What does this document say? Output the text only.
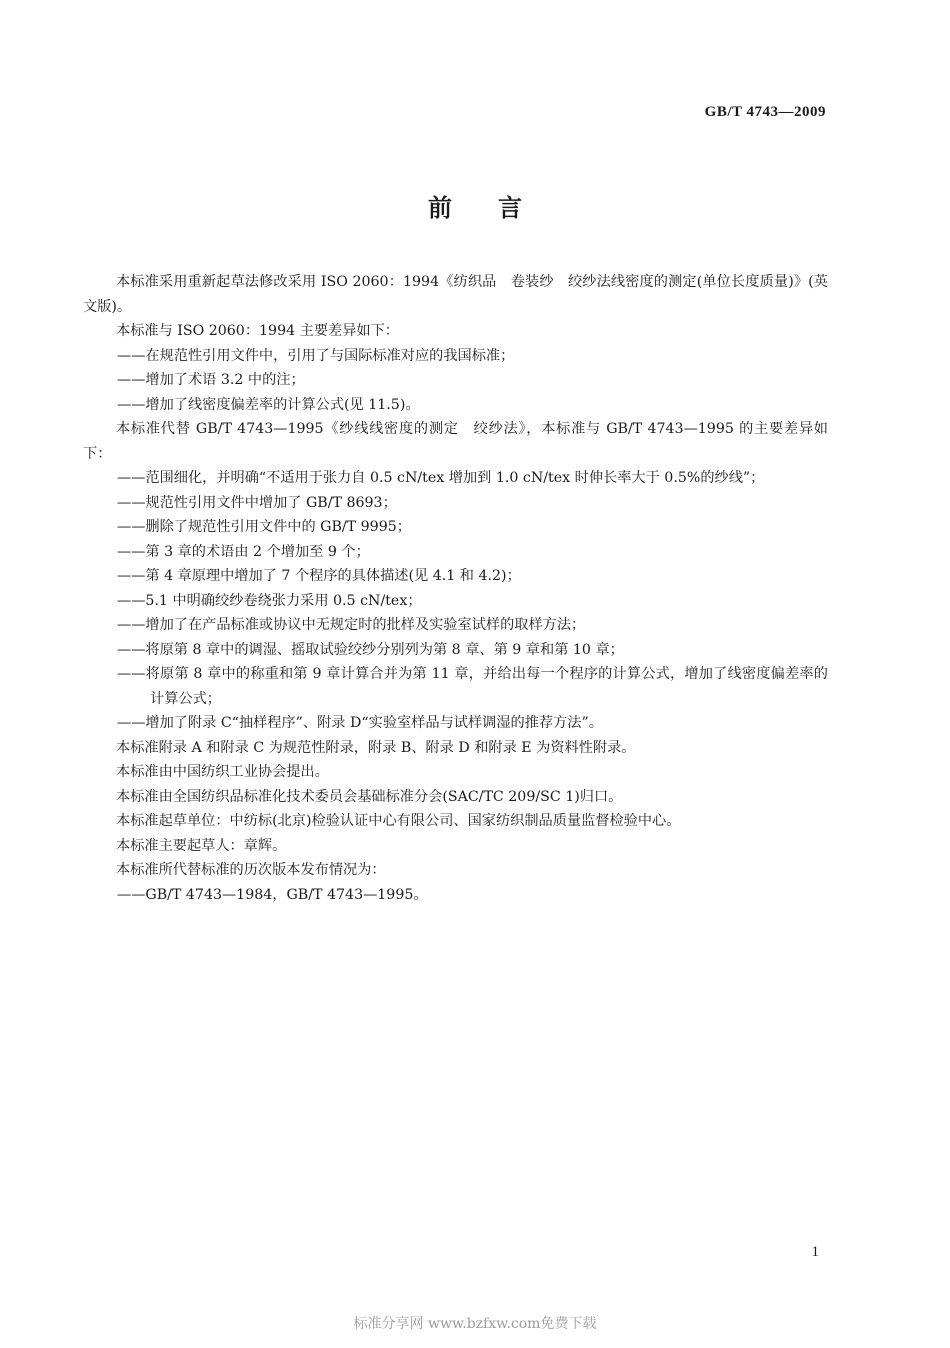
GB/T 4743—2009
前言

本标准采用重新起草法修改采用 ISO 2060：1994《纺织品　卷装纱　绞纱法线密度的测定(单位长度质量)》(英文版)。

本标准与 ISO 2060：1994 主要差异如下：

——在规范性引用文件中，引用了与国际标准对应的我国标准；

——增加了术语 3.2 中的注；

——增加了线密度偏差率的计算公式(见 11.5)。

本标准代替 GB/T 4743—1995《纱线线密度的测定　绞纱法》，本标准与 GB/T 4743—1995 的主要差异如下：

——范围细化，并明确“不适用于张力自 0.5 cN/tex 增加到 1.0 cN/tex 时伸长率大于 0.5%的纱线”；

——规范性引用文件中增加了 GB/T 8693；

——删除了规范性引用文件中的 GB/T 9995；

——第 3 章的术语由 2 个增加至 9 个；

——第 4 章原理中增加了 7 个程序的具体描述(见 4.1 和 4.2)；

——5.1 中明确绞纱卷绕张力采用 0.5 cN/tex；

——增加了在产品标准或协议中无规定时的批样及实验室试样的取样方法；

——将原第 8 章中的调湿、摇取试验绞纱分别列为第 8 章、第 9 章和第 10 章；

——将原第 8 章中的称重和第 9 章计算合并为第 11 章，并给出每一个程序的计算公式，增加了线密度偏差率的计算公式；

——增加了附录 C“抽样程序”、附录 D“实验室样品与试样调湿的推荐方法”。

本标准附录 A 和附录 C 为规范性附录，附录 B、附录 D 和附录 E 为资料性附录。

本标准由中国纺织工业协会提出。

本标准由全国纺织品标准化技术委员会基础标准分会(SAC/TC 209/SC 1)归口。

本标准起草单位：中纺标(北京)检验认证中心有限公司、国家纺织制品质量监督检验中心。

本标准主要起草人：章辉。

本标准所代替标准的历次版本发布情况为：

——GB/T 4743—1984，GB/T 4743—1995。

1
标准分享网 www.bzfxw.com免费下载
